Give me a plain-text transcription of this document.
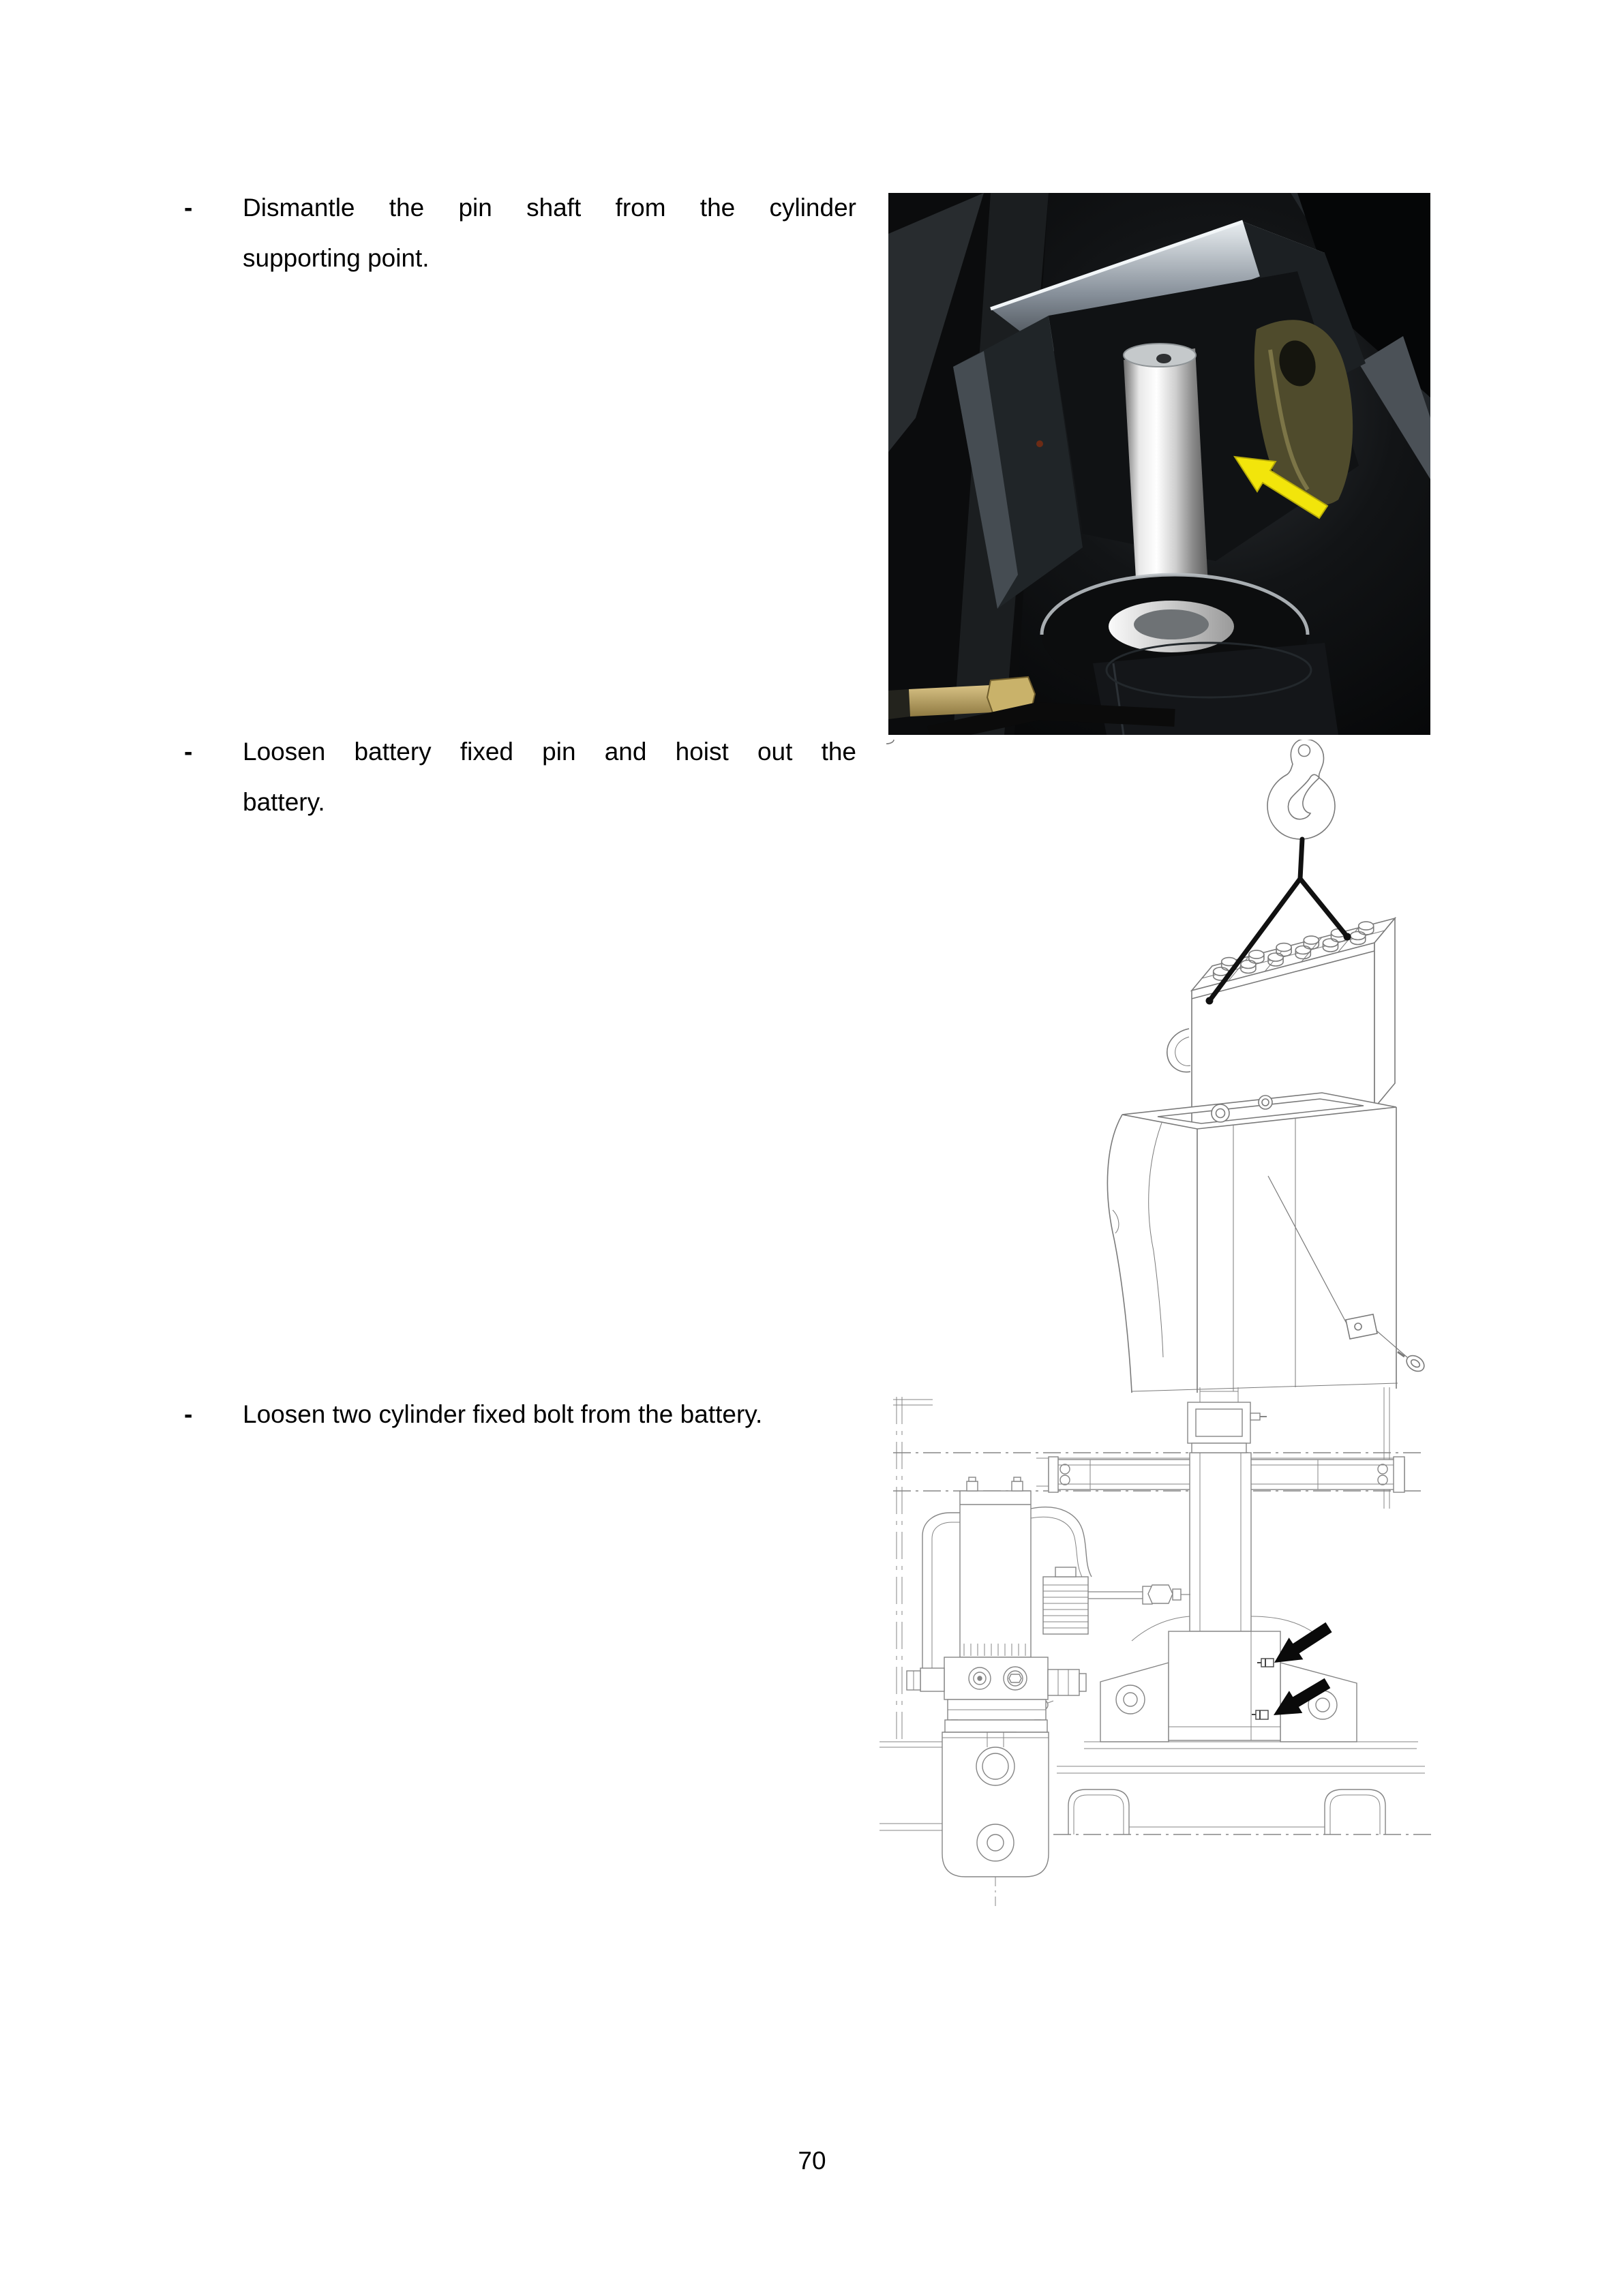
- Dismantle the pin shaft from the cylinder
supporting point.
- Loosen battery fixed pin and hoist out the
battery.
- Loosen two cylinder fixed bolt from the battery.
70
